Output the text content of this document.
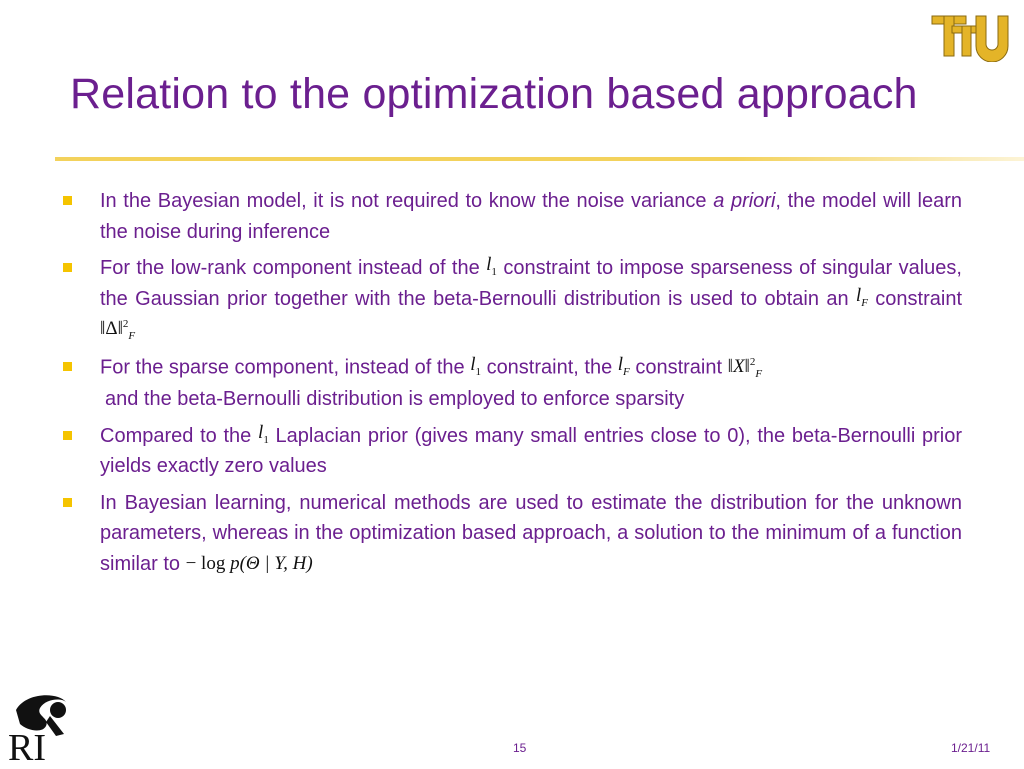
Relation to the optimization based approach
In the Bayesian model, it is not required to know the noise variance a priori, the model will learn the noise during inference
For the low-rank component instead of the $l_1$ constraint to impose sparseness of singular values, the Gaussian prior together with the beta-Bernoulli distribution is used to obtain an $l_F$ constraint ‖Δ‖$^2_F$
For the sparse component, instead of the $l_1$ constraint, the $l_F$ constraint ‖X‖$^2_F$
and the beta-Bernoulli distribution is employed to enforce sparsity
Compared to the $l_1$ Laplacian prior (gives many small entries close to 0), the beta-Bernoulli prior yields exactly zero values
In Bayesian learning, numerical methods are used to estimate the distribution for the unknown parameters, whereas in the optimization based approach, a solution to the minimum of a function similar to − log p(Θ | Y, H)
RI	15	1/21/11
